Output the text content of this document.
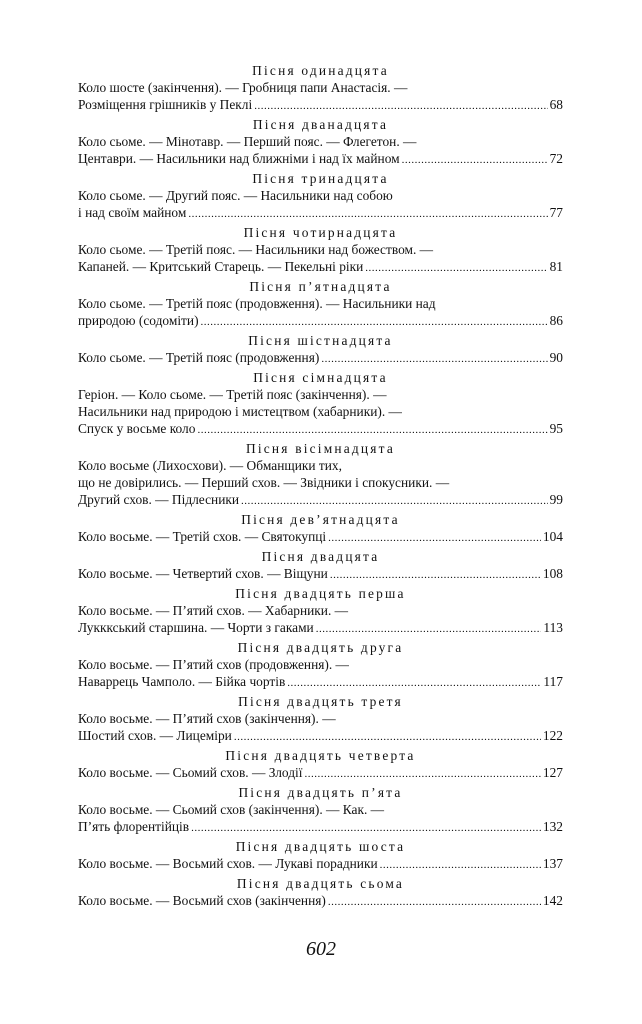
Пісня одинадцята
Коло шосте (закінчення). — Гробниця папи Анастасія. —
Розміщення грішників у Пеклі .....	68
Пісня дванадцята
Коло сьоме. — Мінотавр. — Перший пояс. — Флегетон. —
Центаври. — Насильники над ближніми і над їх майном .....	72
Пісня тринадцята
Коло сьоме. — Другий пояс. — Насильники над собою
і над своїм майном .....	77
Пісня чотирнадцята
Коло сьоме. — Третій пояс. — Насильники над божеством. —
Капаней. — Критський Старець. — Пекельні ріки .....	81
Пісня п’ятнадцята
Коло сьоме. — Третій пояс (продовження). — Насильники над
природою (содоміти) .....	86
Пісня шістнадцята
Коло сьоме. — Третій пояс (продовження) .....	90
Пісня сімнадцята
Геріон. — Коло сьоме. — Третій пояс (закінчення). —
Насильники над природою і мистецтвом (хабарники). —
Спуск у восьме коло .....	95
Пісня вісімнадцята
Коло восьме (Лихосхови). — Обманщики тих,
що не довірились. — Перший схов. — Звідники і спокусники. —
Другий схов. — Підлесники .....	99
Пісня дев’ятнадцята
Коло восьме. — Третій схов. — Святокупці .....	104
Пісня двадцята
Коло восьме. — Четвертий схов. — Віщуни .....	108
Пісня двадцять перша
Коло восьме. — П’ятий схов. — Хабарники. —
Лукккський старшина. — Чорти з гаками .....	113
Пісня двадцять друга
Коло восьме. — П’ятий схов (продовження). —
Наваррець Чамполо. — Бійка чортів .....	117
Пісня двадцять третя
Коло восьме. — П’ятий схов (закінчення). —
Шостий схов. — Лицеміри .....	122
Пісня двадцять четверта
Коло восьме. — Сьомий схов. — Злодії .....	127
Пісня двадцять п’ята
Коло восьме. — Сьомий схов (закінчення). — Как. —
П’ять флорентійців .....	132
Пісня двадцять шоста
Коло восьме. — Восьмий схов. — Лукаві порадники .....	137
Пісня двадцять сьома
Коло восьме. — Восьмий схов (закінчення) .....	142
602
